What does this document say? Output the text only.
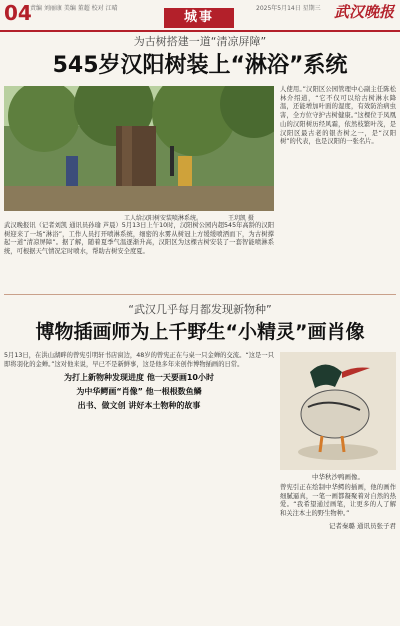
04
责编 刘丽康 美编 董超 校对 江晴
城事
2025年5月14日 星期三 武汉晚报
为古树搭建一道“清凉屏障”
545岁汉阳树装上“淋浴”系统
工人给汉阳树安装喷淋系统。	王玥凯 摄

人使用。”汉阳区公园管理中心副主任陈松林介绍道，“它不仅可以给古树淋水降温，还能增加叶面的湿度，有效防治病虫害，全方位守护古树健康。”这棵位于凤凰山的汉阳树历经风霜，依然枝繁叶茂，是汉阳区最古老的银杏树之一，是“汉阳树”的代表，也是汉阳的一张名片。

武汉晚报讯（记者刘凯 通讯员孙瑜 芦晨）5月13日上午10时，汉阳树公园内超545年高龄的汉阳树迎来了一场“淋浴”，工作人员打开喷淋系统，细密的水雾从树冠上方缓缓喷洒而下，为古树撑起一道“清凉屏障”。据了解，随着夏季气温逐渐升高，汉阳区为这棵古树安装了一套智能喷淋系统，可根据天气情况定时喷水，帮助古树安全度夏。

“武汉几乎每月都发现新物种”
博物插画师为上千野生“小精灵”画肖像

5月13日，在洪山湖畔的曾宪引明轩书店窗边，48岁的曾宪正在与桌一只金蝉的交流。“这是一只即将羽化的金蝉。”这对他来说，早已不是新鲜事，这是他多年来创作博物插画的日常。

为打上新物种发现进度 他一天要画10小时
为中华鳄画“肖像” 他一根根数鱼鳞
出书、做文创 讲好本土物种的故事
中华秋沙鸭画像。

曾宪引正在绘制中华鳄的插画，他的画作细腻逼真，一笔一画都凝聚着对自然的热爱。“我希望通过画笔，让更多的人了解和关注本土的野生物种。”

记者秦璐 通讯员张子君
